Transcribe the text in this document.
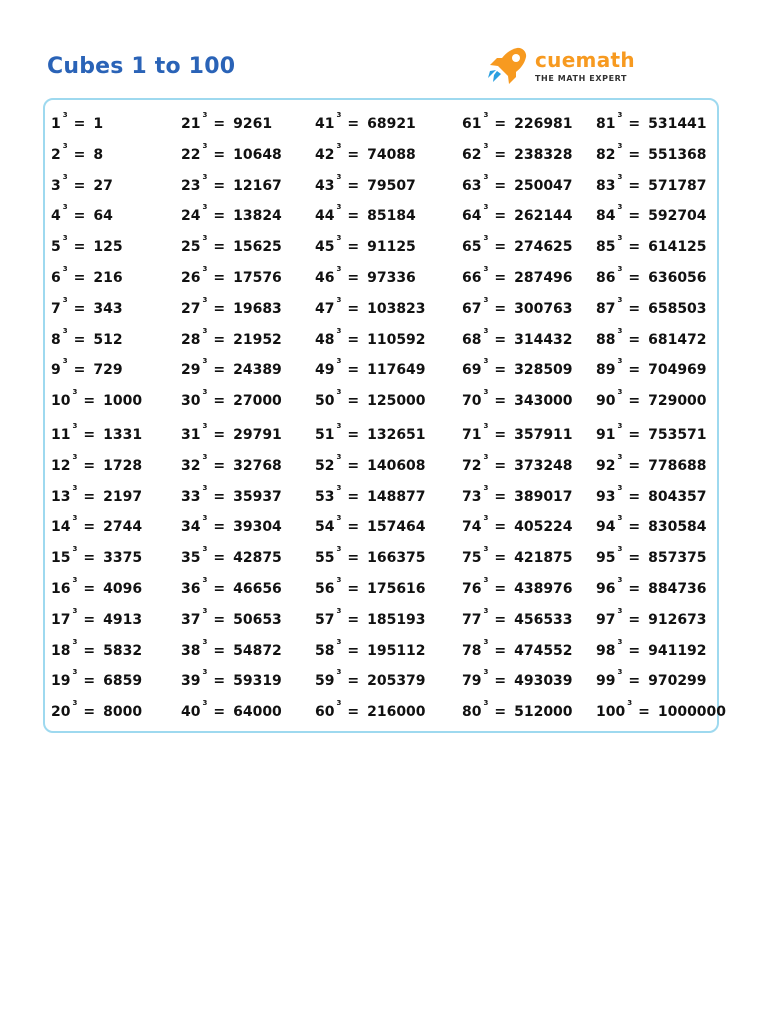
Cubes 1 to 100	cuemath
THE MATH EXPERT
1
3
= 1
2
3
= 8
3
3
= 27
4
3
= 64
5
3
= 125
6
3
= 216
7
3
= 343
8
3
= 512
9
3
= 729
10
3
= 1000
11
3
= 1331
12
3
= 1728
13
3
= 2197
14
3
= 2744
15
3
= 3375
16
3
= 4096
17
3
= 4913
18
3
= 5832
19
3
= 6859
20
3
= 8000
21
3
= 9261
22
3
= 10648
23
3
= 12167
24
3
= 13824
25
3
= 15625
26
3
= 17576
27
3
= 19683
28
3
= 21952
29
3
= 24389
30
3
= 27000
31
3
= 29791
32
3
= 32768
33
3
= 35937
34
3
= 39304
35
3
= 42875
36
3
= 46656
37
3
= 50653
38
3
= 54872
39
3
= 59319
40
3
= 64000
41
3
= 68921
42
3
= 74088
43
3
= 79507
44
3
= 85184
45
3
= 91125
46
3
= 97336
47
3
= 103823
48
3
= 110592
49
3
= 117649
50
3
= 125000
51
3
= 132651
52
3
= 140608
53
3
= 148877
54
3
= 157464
55
3
= 166375
56
3
= 175616
57
3
= 185193
58
3
= 195112
59
3
= 205379
60
3
= 216000
61
3
= 226981
62
3
= 238328
63
3
= 250047
64
3
= 262144
65
3
= 274625
66
3
= 287496
67
3
= 300763
68
3
= 314432
69
3
= 328509
70
3
= 343000
71
3
= 357911
72
3
= 373248
73
3
= 389017
74
3
= 405224
75
3
= 421875
76
3
= 438976
77
3
= 456533
78
3
= 474552
79
3
= 493039
80
3
= 512000
81
3
= 531441
82
3
= 551368
83
3
= 571787
84
3
= 592704
85
3
= 614125
86
3
= 636056
87
3
= 658503
88
3
= 681472
89
3
= 704969
90
3
= 729000
91
3
= 753571
92
3
= 778688
93
3
= 804357
94
3
= 830584
95
3
= 857375
96
3
= 884736
97
3
= 912673
98
3
= 941192
99
3
= 970299
100
3
= 1000000
